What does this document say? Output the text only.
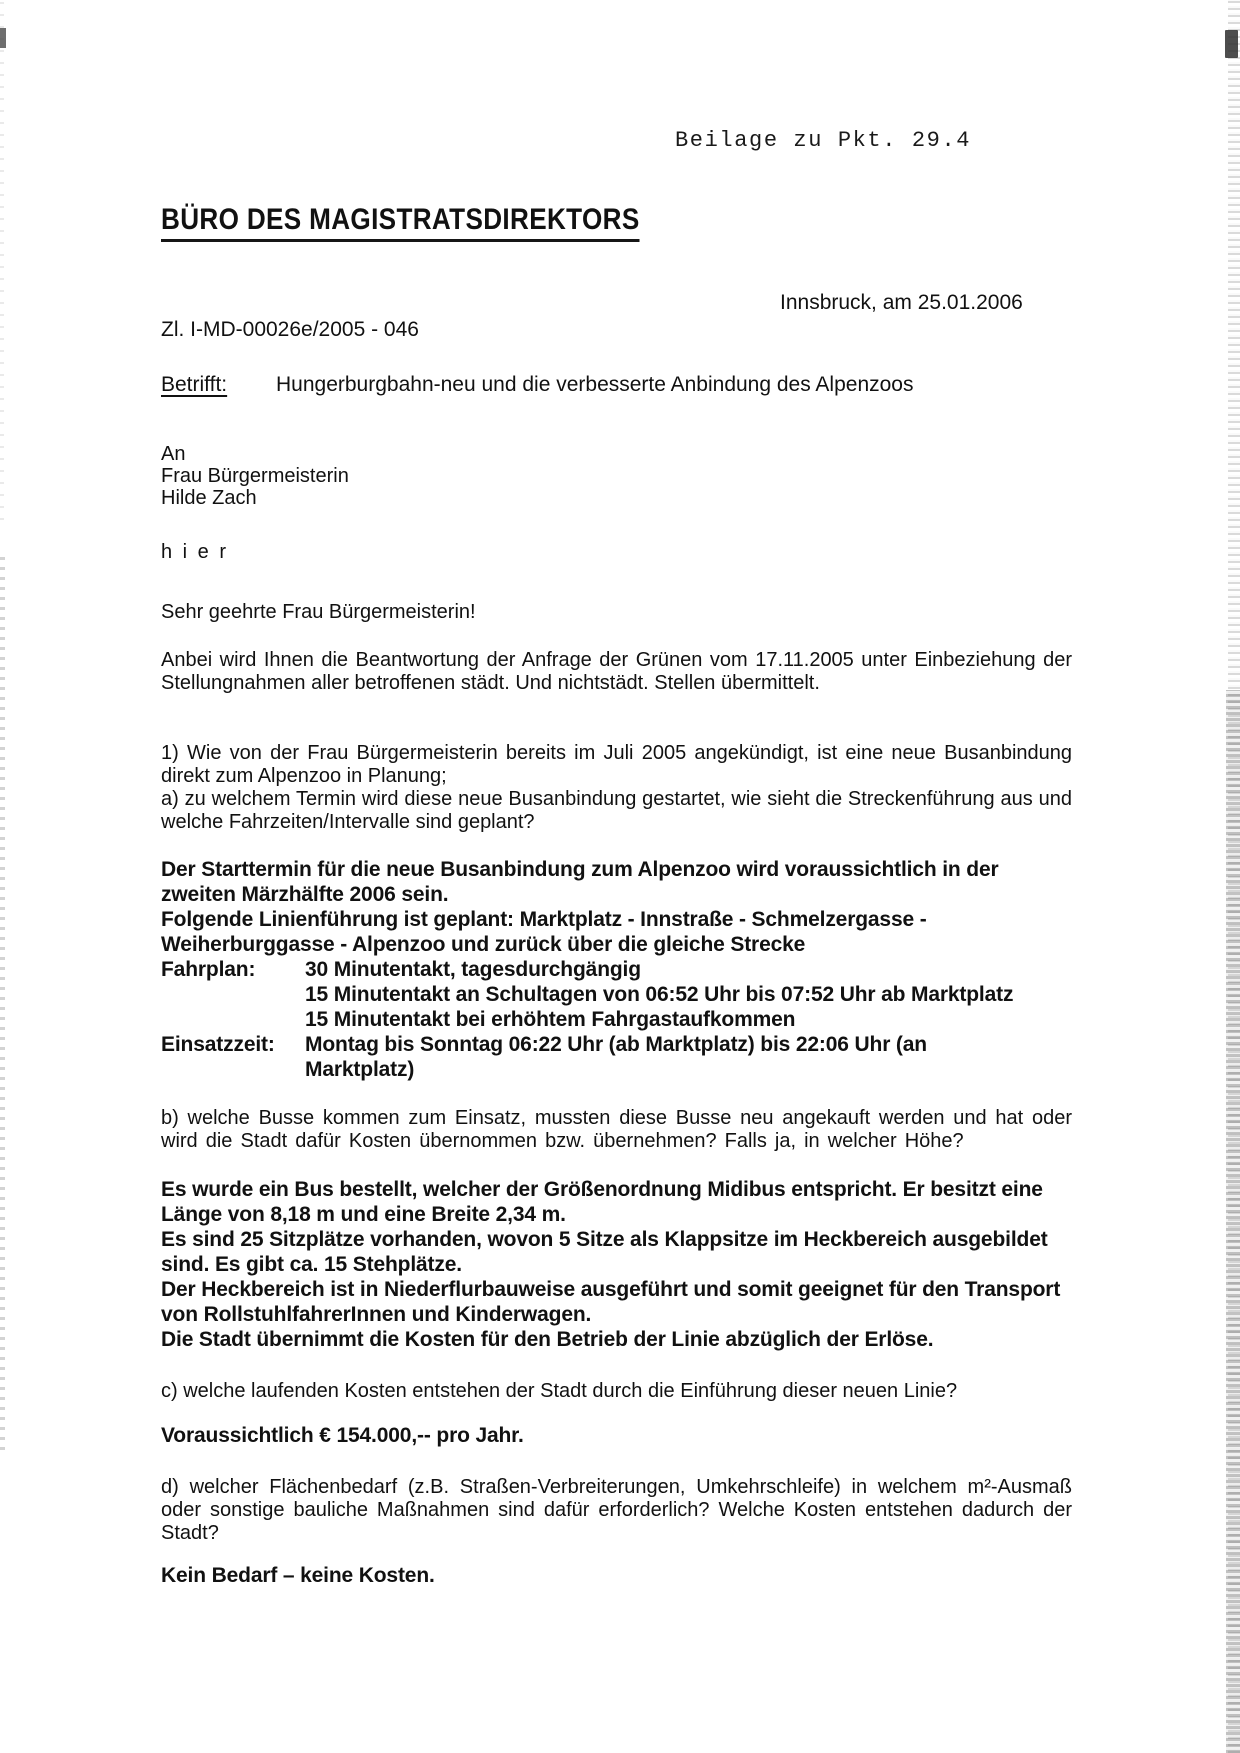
Beilage zu Pkt. 29.4
BÜRO DES MAGISTRATSDIREKTORS
Innsbruck, am 25.01.2006
Zl. I-MD-00026e/2005 - 046
Betrifft:	Hungerburgbahn-neu und die verbesserte Anbindung des Alpenzoos
An
Frau Bürgermeisterin
Hilde Zach
h i e r
Sehr geehrte Frau Bürgermeisterin!
Anbei wird Ihnen die Beantwortung der Anfrage der Grünen vom 17.11.2005 unter Einbeziehung der Stellungnahmen aller betroffenen städt. Und nichtstädt. Stellen übermittelt.

1) Wie von der Frau Bürgermeisterin bereits im Juli 2005 angekündigt, ist eine neue Busanbindung direkt zum Alpenzoo in Planung;

a) zu welchem Termin wird diese neue Busanbindung gestartet, wie sieht die Streckenführung aus und welche Fahrzeiten/Intervalle sind geplant?

Der Starttermin für die neue Busanbindung zum Alpenzoo wird voraussichtlich in der zweiten Märzhälfte 2006 sein.

Folgende Linienführung ist geplant: Marktplatz - Innstraße - Schmelzergasse - Weiherburggasse - Alpenzoo und zurück über die gleiche Strecke

Fahrplan:	30 Minutentakt, tagesdurchgängig
15 Minutentakt an Schultagen von 06:52 Uhr bis 07:52 Uhr ab Marktplatz
15 Minutentakt bei erhöhtem Fahrgastaufkommen
Einsatzzeit:	Montag bis Sonntag 06:22 Uhr (ab Marktplatz) bis 22:06 Uhr (an Marktplatz)
b) welche Busse kommen zum Einsatz, mussten diese Busse neu angekauft werden und hat oder wird die Stadt dafür Kosten übernommen bzw. übernehmen? Falls ja, in welcher Höhe?

Es wurde ein Bus bestellt, welcher der Größenordnung Midibus entspricht. Er besitzt eine Länge von 8,18 m und eine Breite 2,34 m.

Es sind 25 Sitzplätze vorhanden, wovon 5 Sitze als Klappsitze im Heckbereich ausgebildet sind. Es gibt ca. 15 Stehplätze.

Der Heckbereich ist in Niederflurbauweise ausgeführt und somit geeignet für den Transport von RollstuhlfahrerInnen und Kinderwagen.

Die Stadt übernimmt die Kosten für den Betrieb der Linie abzüglich der Erlöse.

c) welche laufenden Kosten entstehen der Stadt durch die Einführung dieser neuen Linie?
Voraussichtlich € 154.000,-- pro Jahr.
d) welcher Flächenbedarf (z.B. Straßen-Verbreiterungen, Umkehrschleife) in welchem m²-Ausmaß oder sonstige bauliche Maßnahmen sind dafür erforderlich? Welche Kosten entstehen dadurch der Stadt?
Kein Bedarf – keine Kosten.
